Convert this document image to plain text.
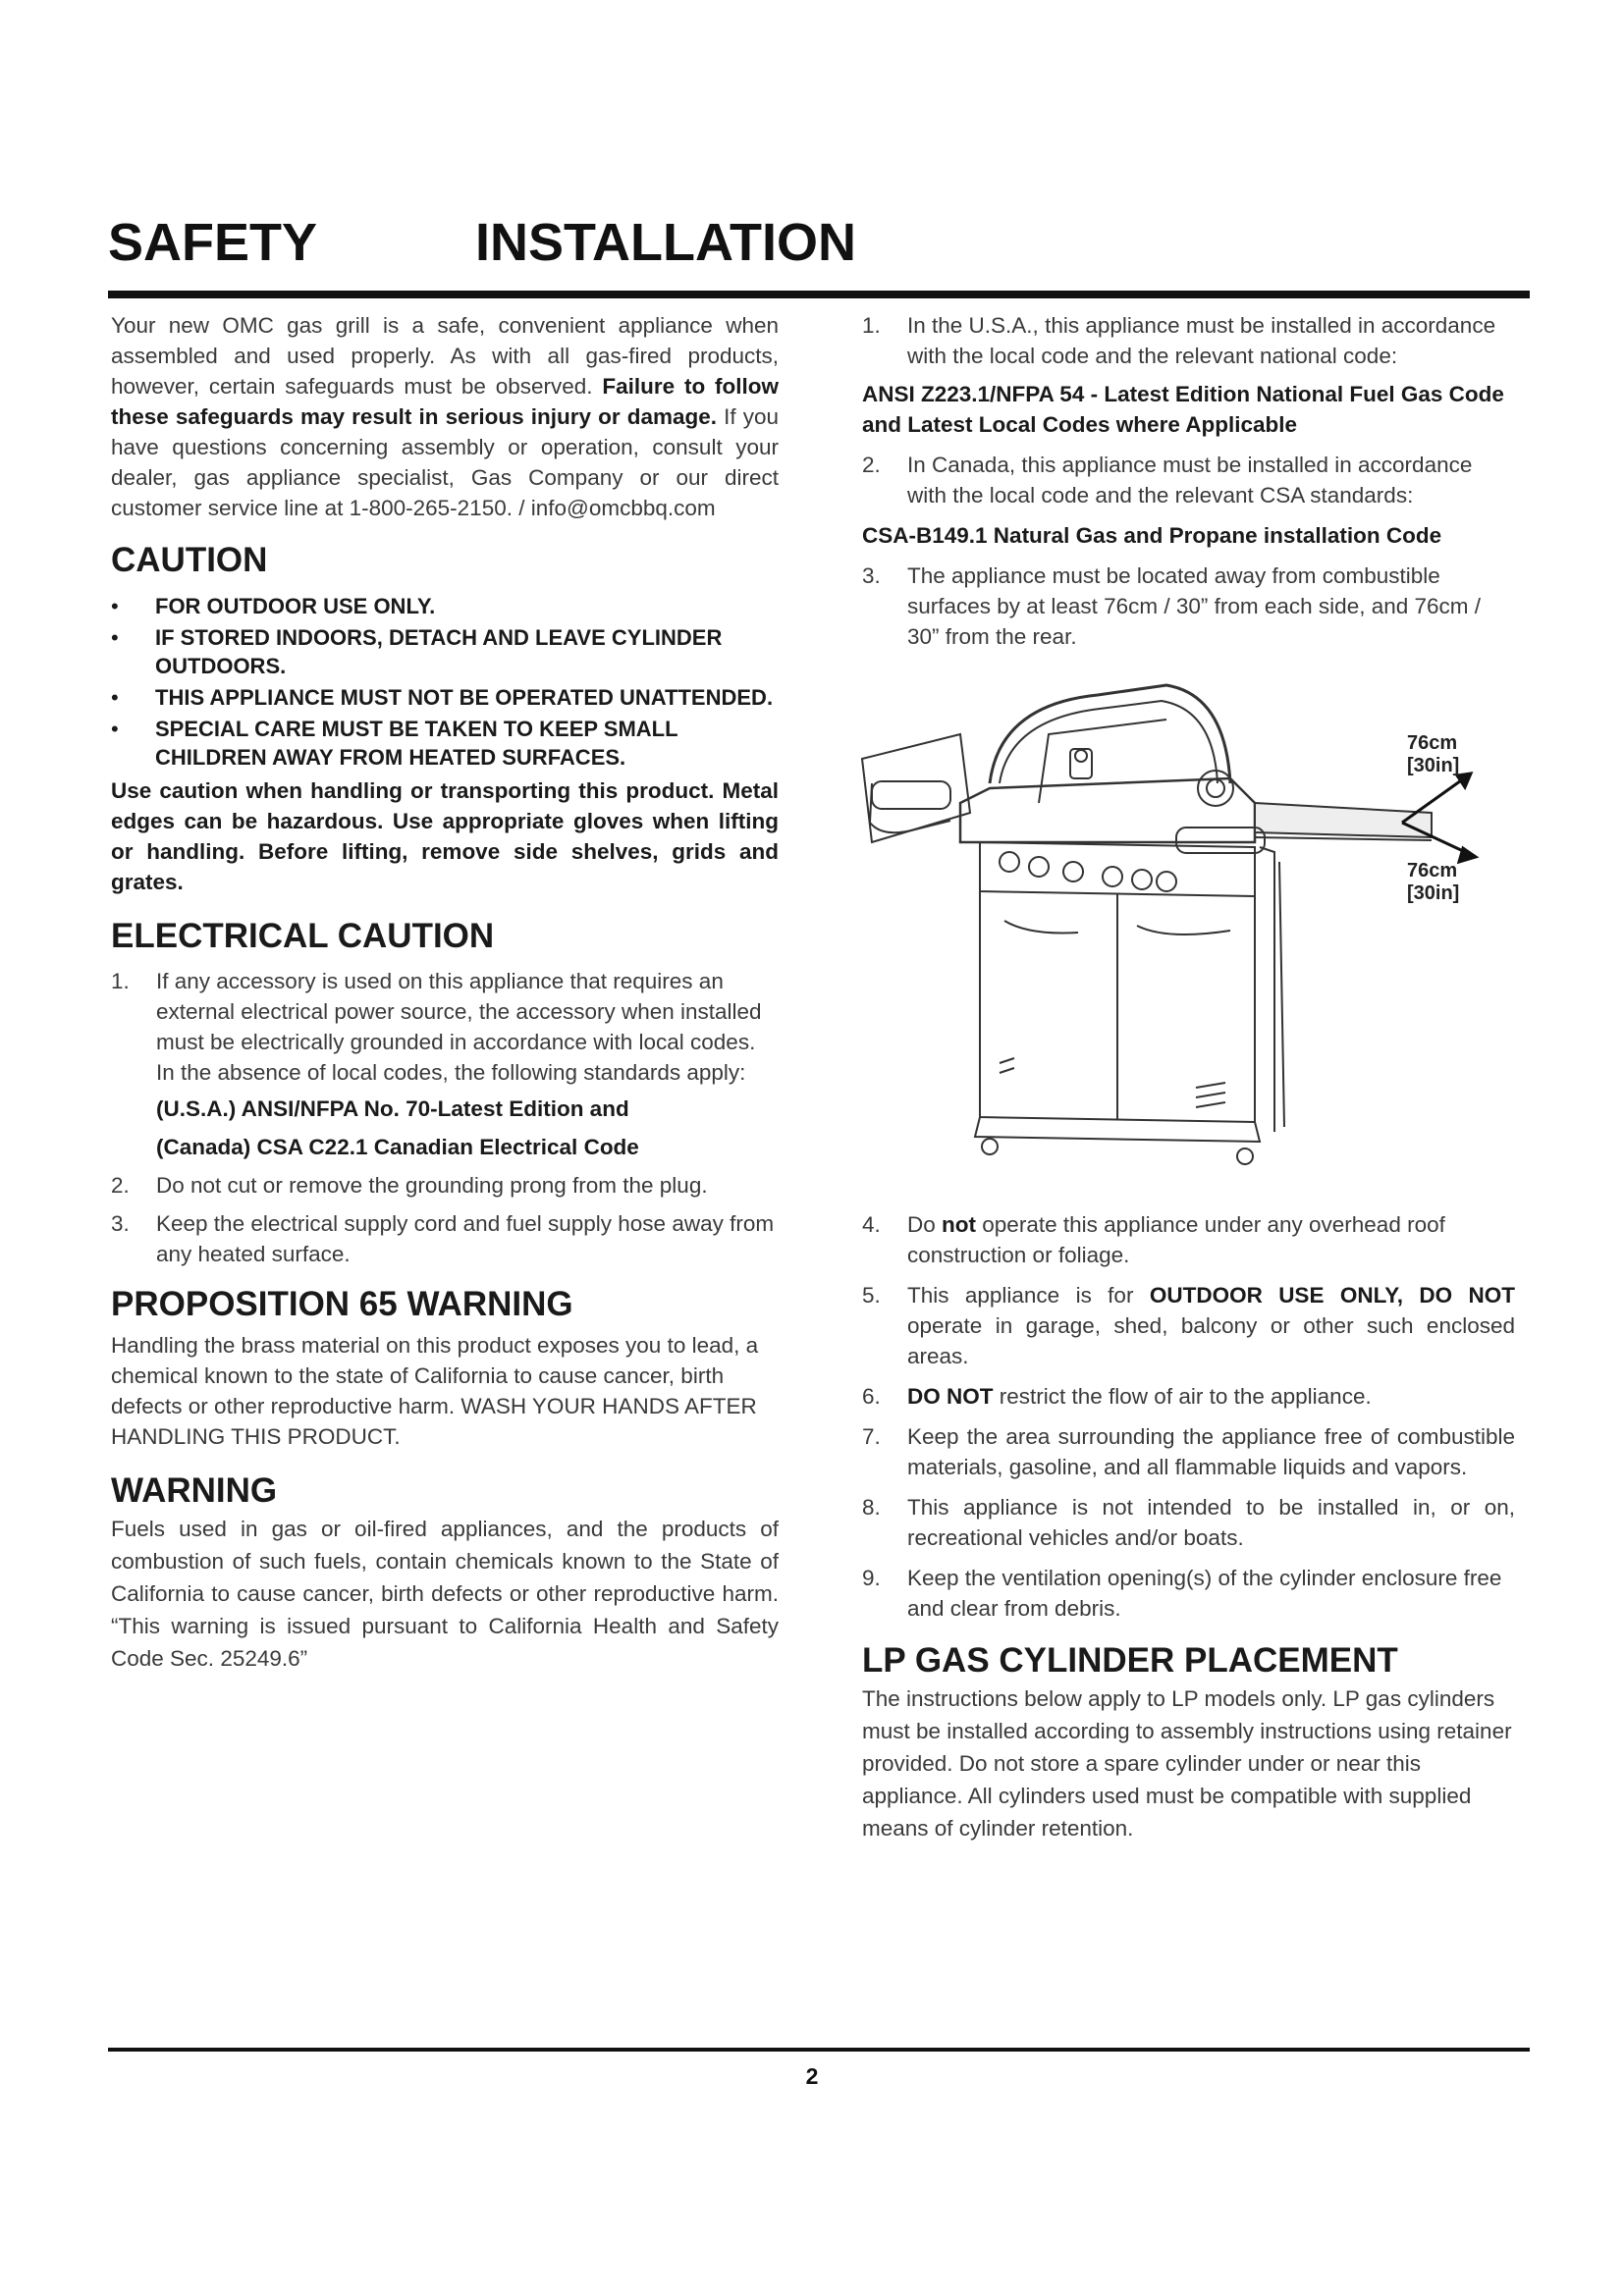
SAFETY	INSTALLATION

Your new OMC gas grill is a safe, convenient appliance when assembled and used properly. As with all gas-fired products, however, certain safeguards must be observed. Failure to follow these safeguards may result in serious injury or damage. If you have questions concerning assembly or operation, consult your dealer, gas appliance specialist, Gas Company or our direct customer service line at 1-800-265-2150. / info@omcbbq.com

CAUTION
• FOR OUTDOOR USE ONLY.
• IF STORED INDOORS, DETACH AND LEAVE CYLINDER OUTDOORS.
• THIS APPLIANCE MUST NOT BE OPERATED UNATTENDED.
• SPECIAL CARE MUST BE TAKEN TO KEEP SMALL CHILDREN AWAY FROM HEATED SURFACES.

Use caution when handling or transporting this product. Metal edges can be hazardous. Use appropriate gloves when lifting or handling. Before lifting, remove side shelves, grids and grates.

ELECTRICAL CAUTION
1. If any accessory is used on this appliance that requires an external electrical power source, the accessory when installed must be electrically grounded in accordance with local codes. In the absence of local codes, the following standards apply:

(U.S.A.) ANSI/NFPA No. 70-Latest Edition and

(Canada) CSA C22.1 Canadian Electrical Code

2. Do not cut or remove the grounding prong from the plug.
3. Keep the electrical supply cord and fuel supply hose away from any heated surface.
PROPOSITION 65 WARNING

Handling the brass material on this product exposes you to lead, a chemical known to the state of California to cause cancer, birth defects or other reproductive harm. WASH YOUR HANDS AFTER HANDLING THIS PRODUCT.

WARNING

Fuels used in gas or oil-fired appliances, and the products of combustion of such fuels, contain chemicals known to the State of California to cause cancer, birth defects or other reproductive harm. “This warning is issued pursuant to California Health and Safety Code Sec. 25249.6”

1. In the U.S.A., this appliance must be installed in accordance with the local code and the relevant national code:

ANSI Z223.1/NFPA 54 - Latest Edition National Fuel Gas Code and Latest Local Codes where Applicable

2. In Canada, this appliance must be installed in accordance with the local code and the relevant CSA standards:

CSA-B149.1 Natural Gas and Propane installation Code

3. The appliance must be located away from combustible surfaces by at least 76cm / 30” from each side, and 76cm / 30” from the rear.
76cm [30in]
76cm [30in]
4. Do not operate this appliance under any overhead roof construction or foliage.
5. This appliance is for OUTDOOR USE ONLY, DO NOT operate in garage, shed, balcony or other such enclosed areas.
6. DO NOT restrict the flow of air to the appliance.
7. Keep the area surrounding the appliance free of combustible materials, gasoline, and all flammable liquids and vapors.
8. This appliance is not intended to be installed in, or on, recreational vehicles and/or boats.
9. Keep the ventilation opening(s) of the cylinder enclosure free and clear from debris.
LP GAS CYLINDER PLACEMENT

The instructions below apply to LP models only. LP gas cylinders must be installed according to assembly instructions using retainer provided. Do not store a spare cylinder under or near this appliance. All cylinders used must be compatible with supplied means of cylinder retention.

2
